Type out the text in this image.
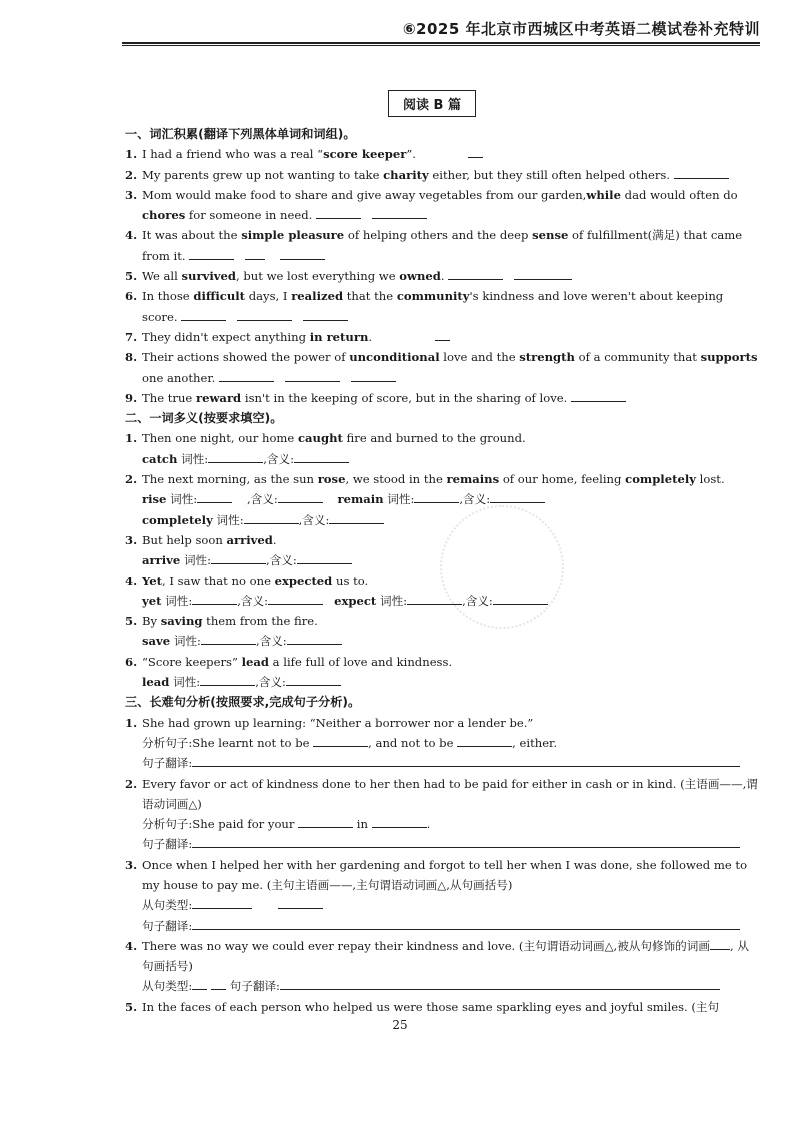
⑥2025 年北京市西城区中考英语二模试卷补充特训
阅读 B 篇
一、词汇积累(翻译下列黑体单词和词组)。
1. I had a friend who was a real “score keeper”.
2. My parents grew up not wanting to take charity either, but they still often helped others.
3. Mom would make food to share and give away vegetables from our garden,while dad would often do chores for someone in need.
4. It was about the simple pleasure of helping others and the deep sense of fulfillment(满足) that came from it.
5. We all survived, but we lost everything we owned.
6. In those difficult days, I realized that the community's kindness and love weren't about keeping score.
7. They didn't expect anything in return.
8. Their actions showed the power of unconditional love and the strength of a community that supports one another.
9. The true reward isn't in the keeping of score, but in the sharing of love.
二、一词多义(按要求填空)。
1. Then one night, our home caught fire and burned to the ground.
catch 词性:	,含义:
2. The next morning, as the sun rose, we stood in the remains of our home, feeling completely lost.
rise 词性:	,含义:	remain 词性:	,含义:
completely 词性:	,含义:
3. But help soon arrived.
arrive 词性:	,含义:
4. Yet, I saw that no one expected us to.
yet 词性:	,含义:	expect 词性:	,含义:
5. By saving them from the fire.
save 词性:	,含义:
6. “Score keepers” lead a life full of love and kindness.
lead 词性:	,含义:
三、长难句分析(按照要求,完成句子分析)。
1. She had grown up learning: “Neither a borrower nor a lender be.”
分析句子:She learnt not to be	, and not to be	, either.
句子翻译:
2. Every favor or act of kindness done to her then had to be paid for either in cash or in kind. (主语画——,谓语动词画△)
分析句子:She paid for your	in	.
句子翻译:
3. Once when I helped her with her gardening and forgot to tell her when I was done, she followed me to my house to pay me. (主句主语画——,主句谓语动词画△,从句画括号)
从句类型:
句子翻译:
4. There was no way we could ever repay their kindness and love. (主句谓语动词画△,被从句修饰的词画 , 从句画括号)
从句类型:	句子翻译:
5. In the faces of each person who helped us were those same sparkling eyes and joyful smiles. (主句
25
